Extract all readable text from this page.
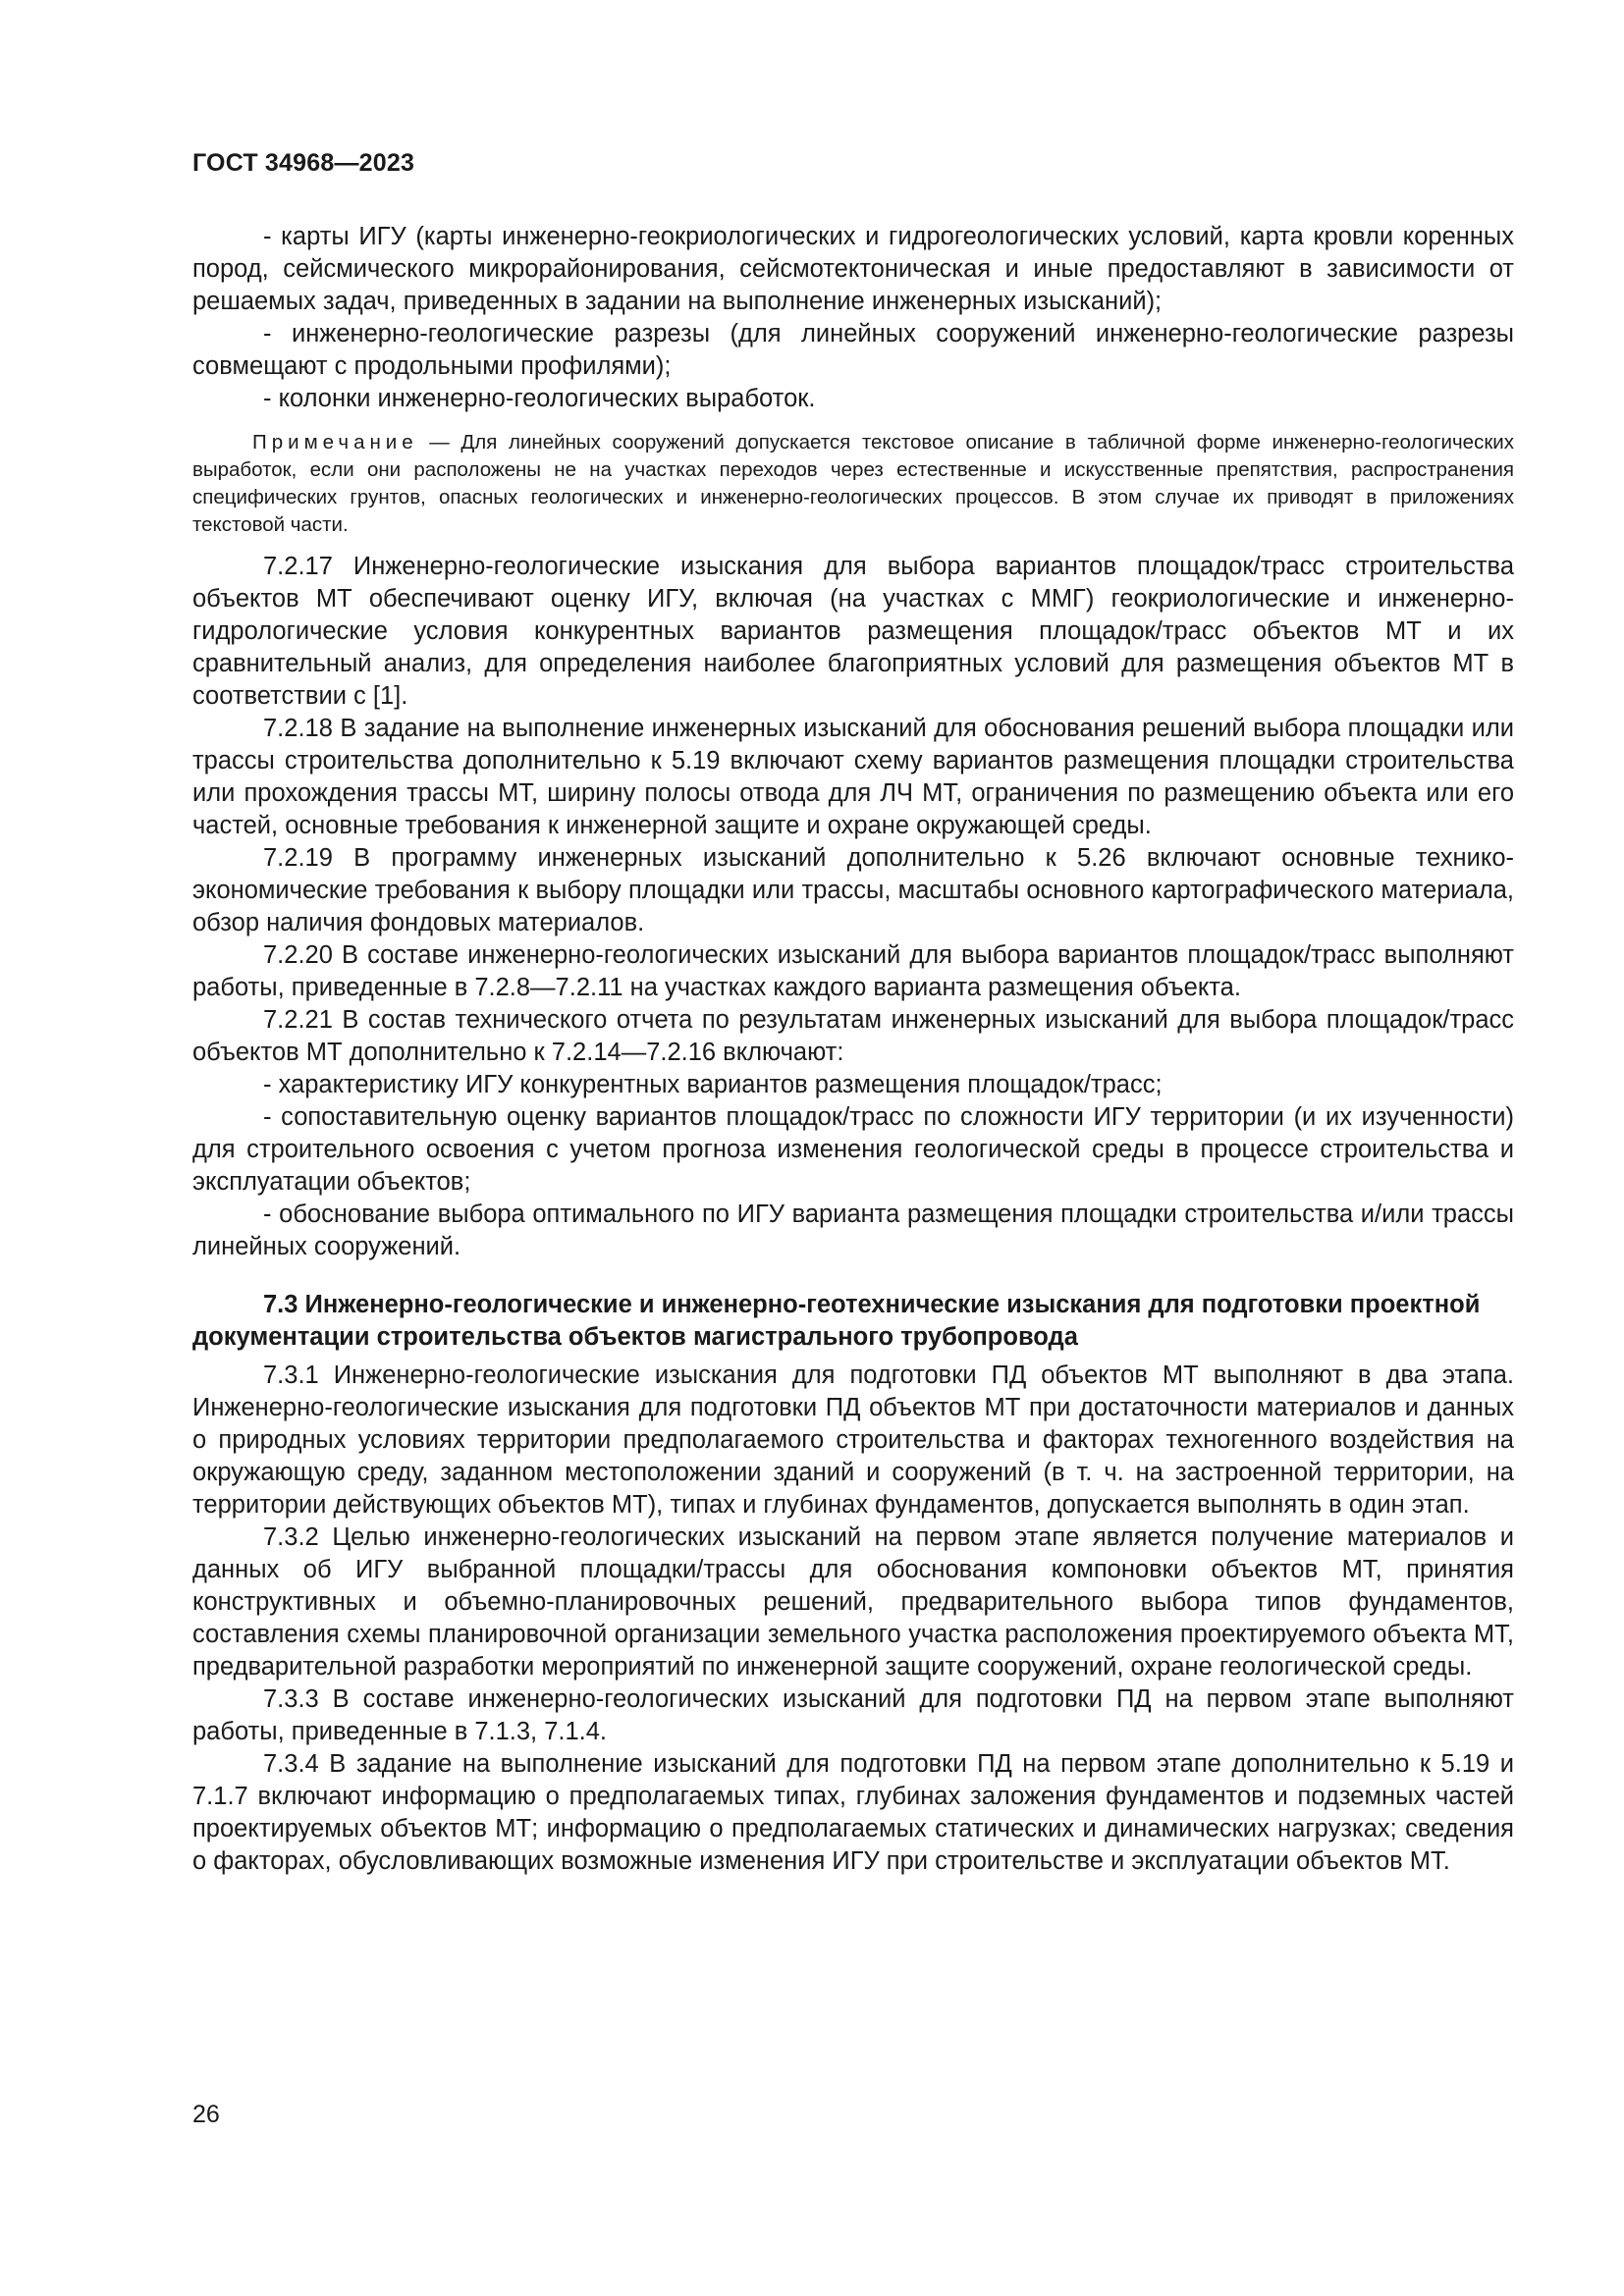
ГОСТ 34968—2023

- карты ИГУ (карты инженерно-геокриологических и гидрогеологических условий, карта кровли коренных пород, сейсмического микрорайонирования, сейсмотектоническая и иные предоставляют в зависимости от решаемых задач, приведенных в задании на выполнение инженерных изысканий);

- инженерно-геологические разрезы (для линейных сооружений инженерно-геологические разрезы совмещают с продольными профилями);

- колонки инженерно-геологических выработок.

Примечание — Для линейных сооружений допускается текстовое описание в табличной форме инженерно-геологических выработок, если они расположены не на участках переходов через естественные и искусственные препятствия, распространения специфических грунтов, опасных геологических и инженерно-геологических процессов. В этом случае их приводят в приложениях текстовой части.

7.2.17 Инженерно-геологические изыскания для выбора вариантов площадок/трасс строительства объектов МТ обеспечивают оценку ИГУ, включая (на участках с ММГ) геокриологические и инженерно-гидрологические условия конкурентных вариантов размещения площадок/трасс объектов МТ и их сравнительный анализ, для определения наиболее благоприятных условий для размещения объектов МТ в соответствии с [1].

7.2.18 В задание на выполнение инженерных изысканий для обоснования решений выбора площадки или трассы строительства дополнительно к 5.19 включают схему вариантов размещения площадки строительства или прохождения трассы МТ, ширину полосы отвода для ЛЧ МТ, ограничения по размещению объекта или его частей, основные требования к инженерной защите и охране окружающей среды.

7.2.19 В программу инженерных изысканий дополнительно к 5.26 включают основные технико-экономические требования к выбору площадки или трассы, масштабы основного картографического материала, обзор наличия фондовых материалов.

7.2.20 В составе инженерно-геологических изысканий для выбора вариантов площадок/трасс выполняют работы, приведенные в 7.2.8—7.2.11 на участках каждого варианта размещения объекта.

7.2.21 В состав технического отчета по результатам инженерных изысканий для выбора площадок/трасс объектов МТ дополнительно к 7.2.14—7.2.16 включают:

- характеристику ИГУ конкурентных вариантов размещения площадок/трасс;

- сопоставительную оценку вариантов площадок/трасс по сложности ИГУ территории (и их изученности) для строительного освоения с учетом прогноза изменения геологической среды в процессе строительства и эксплуатации объектов;

- обоснование выбора оптимального по ИГУ варианта размещения площадки строительства и/или трассы линейных сооружений.

7.3 Инженерно-геологические и инженерно-геотехнические изыскания для подготовки проектной документации строительства объектов магистрального трубопровода

7.3.1 Инженерно-геологические изыскания для подготовки ПД объектов МТ выполняют в два этапа. Инженерно-геологические изыскания для подготовки ПД объектов МТ при достаточности материалов и данных о природных условиях территории предполагаемого строительства и факторах техногенного воздействия на окружающую среду, заданном местоположении зданий и сооружений (в т. ч. на застроенной территории, на территории действующих объектов МТ), типах и глубинах фундаментов, допускается выполнять в один этап.

7.3.2 Целью инженерно-геологических изысканий на первом этапе является получение материалов и данных об ИГУ выбранной площадки/трассы для обоснования компоновки объектов МТ, принятия конструктивных и объемно-планировочных решений, предварительного выбора типов фундаментов, составления схемы планировочной организации земельного участка расположения проектируемого объекта МТ, предварительной разработки мероприятий по инженерной защите сооружений, охране геологической среды.

7.3.3 В составе инженерно-геологических изысканий для подготовки ПД на первом этапе выполняют работы, приведенные в 7.1.3, 7.1.4.

7.3.4 В задание на выполнение изысканий для подготовки ПД на первом этапе дополнительно к 5.19 и 7.1.7 включают информацию о предполагаемых типах, глубинах заложения фундаментов и подземных частей проектируемых объектов МТ; информацию о предполагаемых статических и динамических нагрузках; сведения о факторах, обусловливающих возможные изменения ИГУ при строительстве и эксплуатации объектов МТ.

26
